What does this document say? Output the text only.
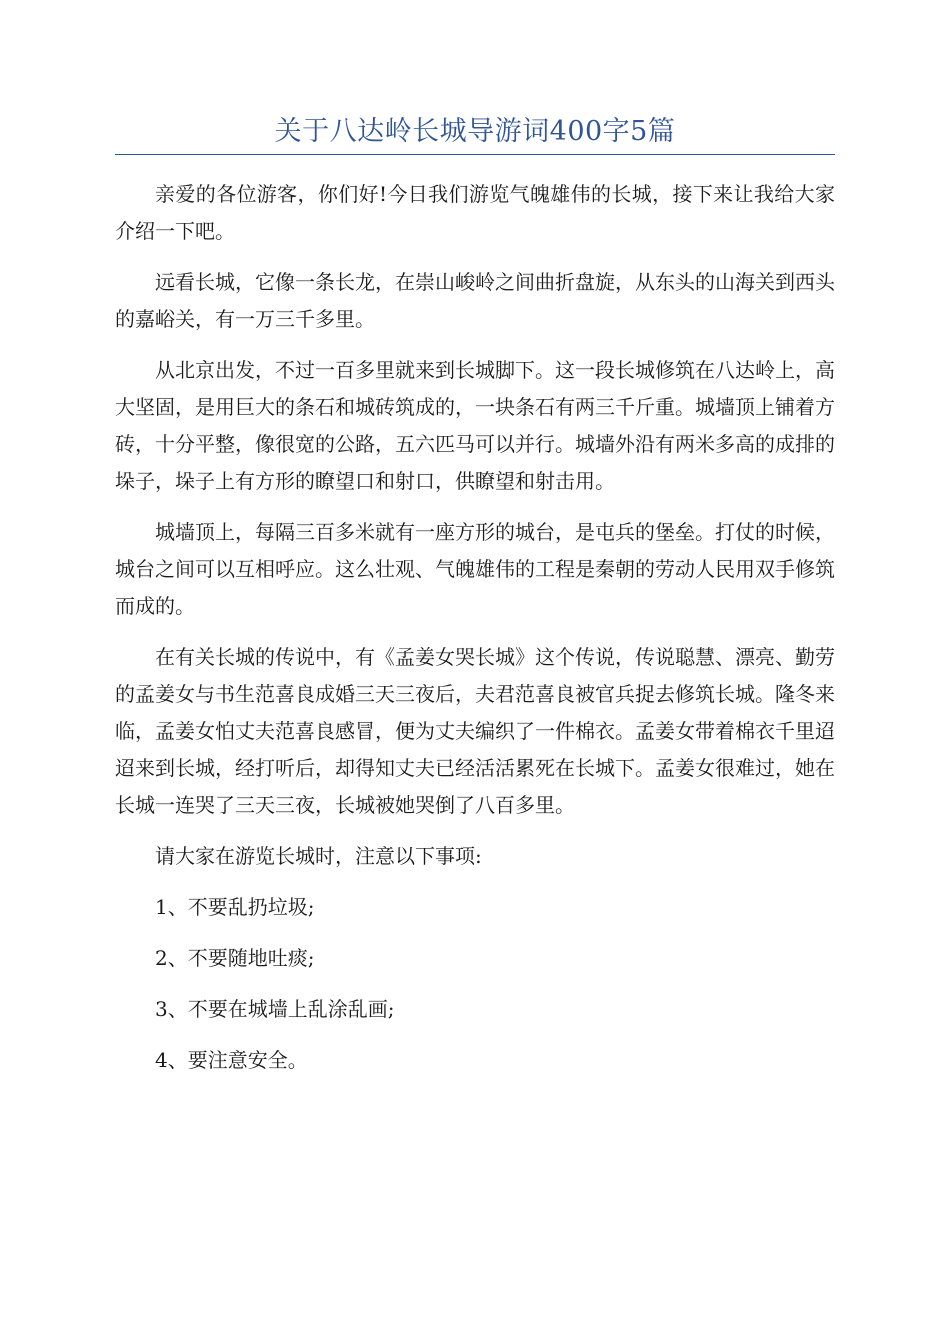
关于八达岭长城导游词400字5篇

亲爱的各位游客，你们好!今日我们游览气魄雄伟的长城，接下来让我给大家介绍一下吧。

远看长城，它像一条长龙，在崇山峻岭之间曲折盘旋，从东头的山海关到西头的嘉峪关，有一万三千多里。

从北京出发，不过一百多里就来到长城脚下。这一段长城修筑在八达岭上，高大坚固，是用巨大的条石和城砖筑成的，一块条石有两三千斤重。城墙顶上铺着方砖，十分平整，像很宽的公路，五六匹马可以并行。城墙外沿有两米多高的成排的垛子，垛子上有方形的瞭望口和射口，供瞭望和射击用。

城墙顶上，每隔三百多米就有一座方形的城台，是屯兵的堡垒。打仗的时候，城台之间可以互相呼应。这么壮观、气魄雄伟的工程是秦朝的劳动人民用双手修筑而成的。

在有关长城的传说中，有《孟姜女哭长城》这个传说，传说聪慧、漂亮、勤劳的孟姜女与书生范喜良成婚三天三夜后，夫君范喜良被官兵捉去修筑长城。隆冬来临，孟姜女怕丈夫范喜良感冒，便为丈夫编织了一件棉衣。孟姜女带着棉衣千里迢迢来到长城，经打听后，却得知丈夫已经活活累死在长城下。孟姜女很难过，她在长城一连哭了三天三夜，长城被她哭倒了八百多里。

请大家在游览长城时，注意以下事项:

1、不要乱扔垃圾;

2、不要随地吐痰;

3、不要在城墙上乱涂乱画;

4、要注意安全。
